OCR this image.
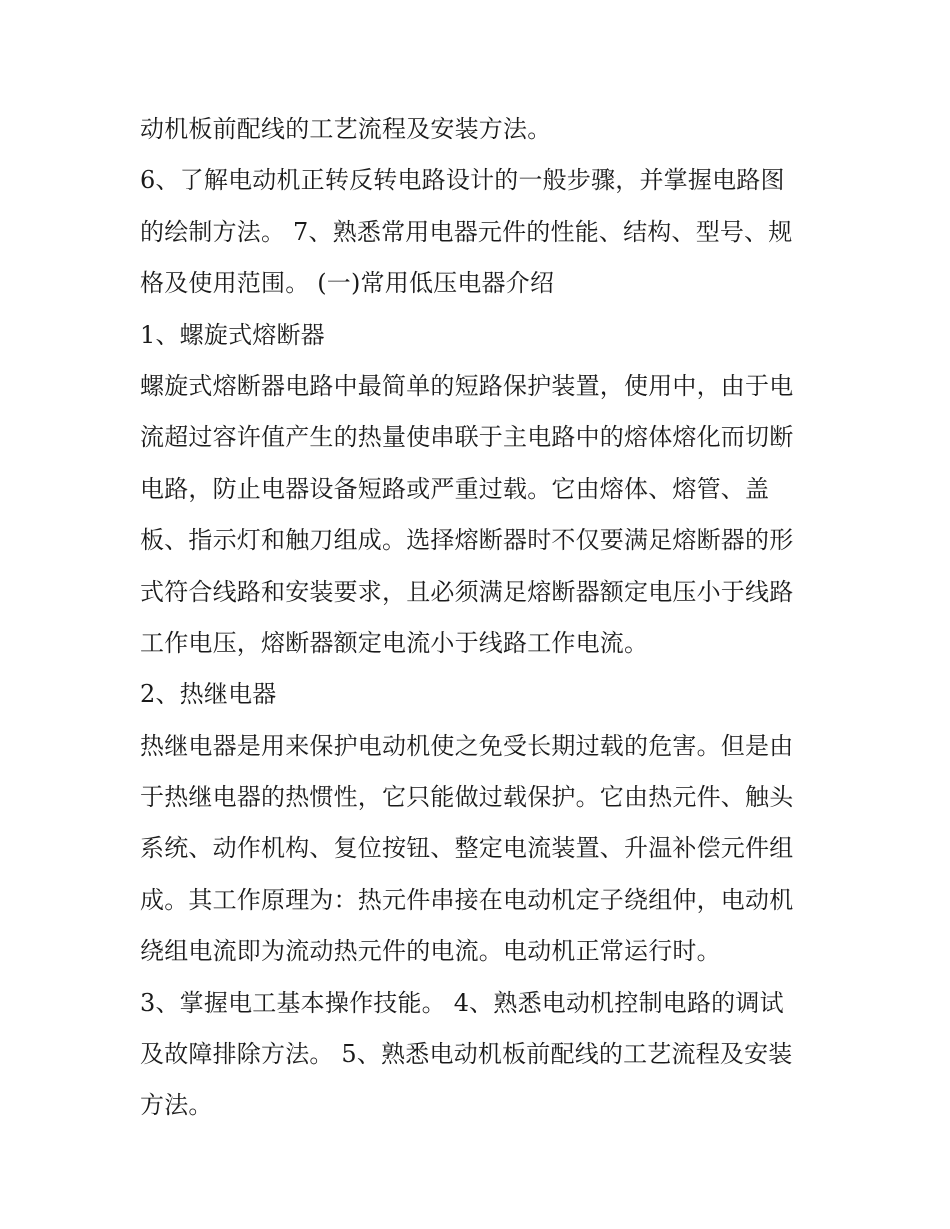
动机板前配线的工艺流程及安装方法。
6、了解电动机正转反转电路设计的一般步骤，并掌握电路图
的绘制方法。 7、熟悉常用电器元件的性能、结构、型号、规
格及使用范围。 (一)常用低压电器介绍
1、螺旋式熔断器
螺旋式熔断器电路中最简单的短路保护装置，使用中，由于电
流超过容许值产生的热量使串联于主电路中的熔体熔化而切断
电路，防止电器设备短路或严重过载。它由熔体、熔管、盖
板、指示灯和触刀组成。选择熔断器时不仅要满足熔断器的形
式符合线路和安装要求，且必须满足熔断器额定电压小于线路
工作电压，熔断器额定电流小于线路工作电流。
2、热继电器
热继电器是用来保护电动机使之免受长期过载的危害。但是由
于热继电器的热惯性，它只能做过载保护。它由热元件、触头
系统、动作机构、复位按钮、整定电流装置、升温补偿元件组
成。其工作原理为：热元件串接在电动机定子绕组仲，电动机
绕组电流即为流动热元件的电流。电动机正常运行时。
3、掌握电工基本操作技能。 4、熟悉电动机控制电路的调试
及故障排除方法。 5、熟悉电动机板前配线的工艺流程及安装
方法。
